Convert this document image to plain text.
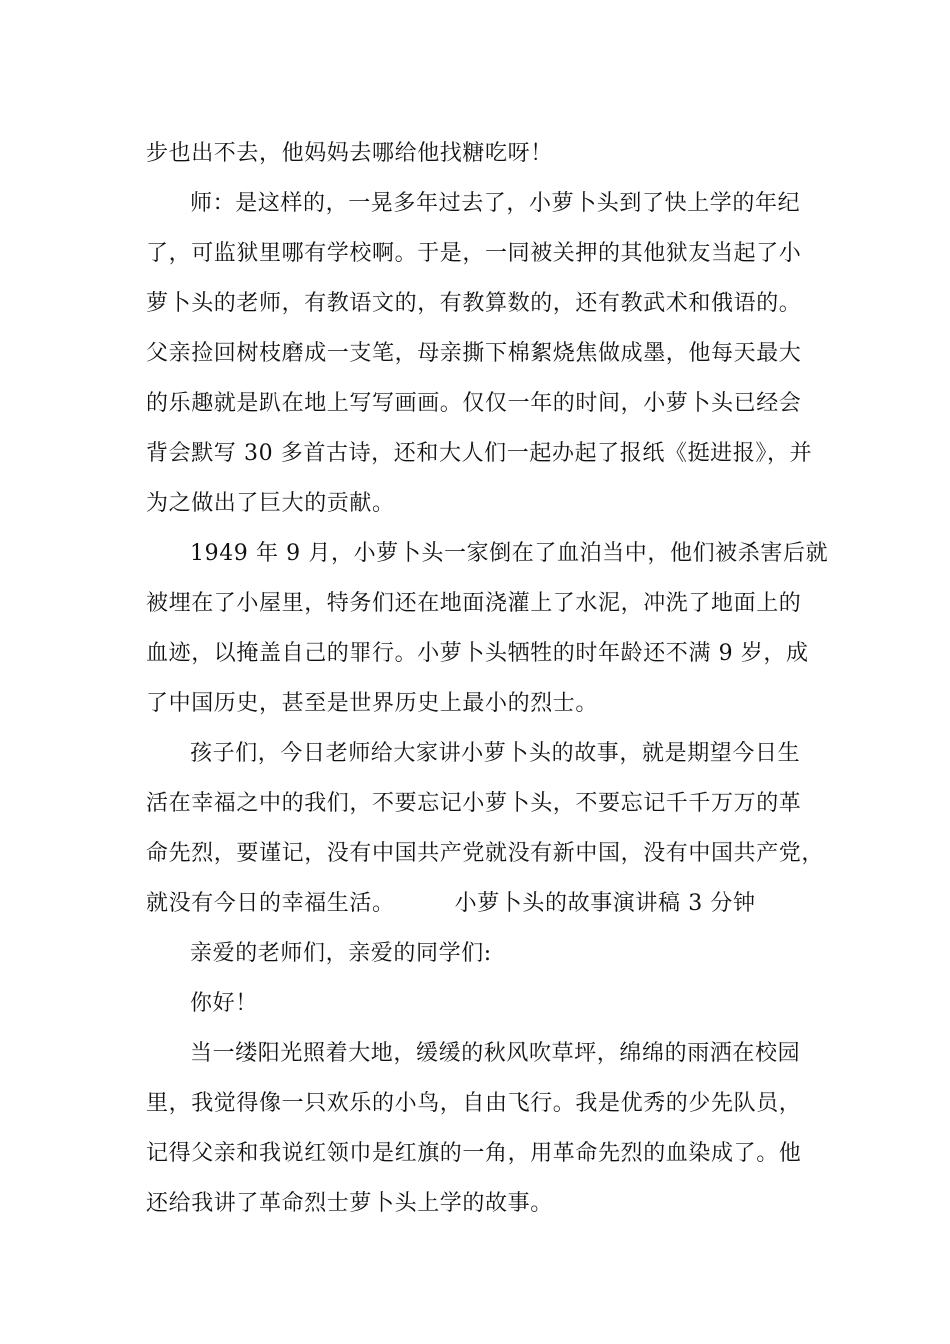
步也出不去，他妈妈去哪给他找糖吃呀！
师：是这样的，一晃多年过去了，小萝卜头到了快上学的年纪
了，可监狱里哪有学校啊。于是，一同被关押的其他狱友当起了小
萝卜头的老师，有教语文的，有教算数的，还有教武术和俄语的。
父亲捡回树枝磨成一支笔，母亲撕下棉絮烧焦做成墨，他每天最大
的乐趣就是趴在地上写写画画。仅仅一年的时间，小萝卜头已经会
背会默写 30 多首古诗，还和大人们一起办起了报纸《挺进报》，并
为之做出了巨大的贡献。
1949 年 9 月，小萝卜头一家倒在了血泊当中，他们被杀害后就
被埋在了小屋里，特务们还在地面浇灌上了水泥，冲洗了地面上的
血迹，以掩盖自己的罪行。小萝卜头牺牲的时年龄还不满 9 岁，成
了中国历史，甚至是世界历史上最小的烈士。
孩子们，今日老师给大家讲小萝卜头的故事，就是期望今日生
活在幸福之中的我们，不要忘记小萝卜头，不要忘记千千万万的革
命先烈，要谨记，没有中国共产党就没有新中国，没有中国共产党，
就没有今日的幸福生活。	小萝卜头的故事演讲稿 3 分钟
亲爱的老师们，亲爱的同学们:
你好！
当一缕阳光照着大地，缓缓的秋风吹草坪，绵绵的雨洒在校园
里，我觉得像一只欢乐的小鸟，自由飞行。我是优秀的少先队员，
记得父亲和我说红领巾是红旗的一角，用革命先烈的血染成了。他
还给我讲了革命烈士萝卜头上学的故事。
